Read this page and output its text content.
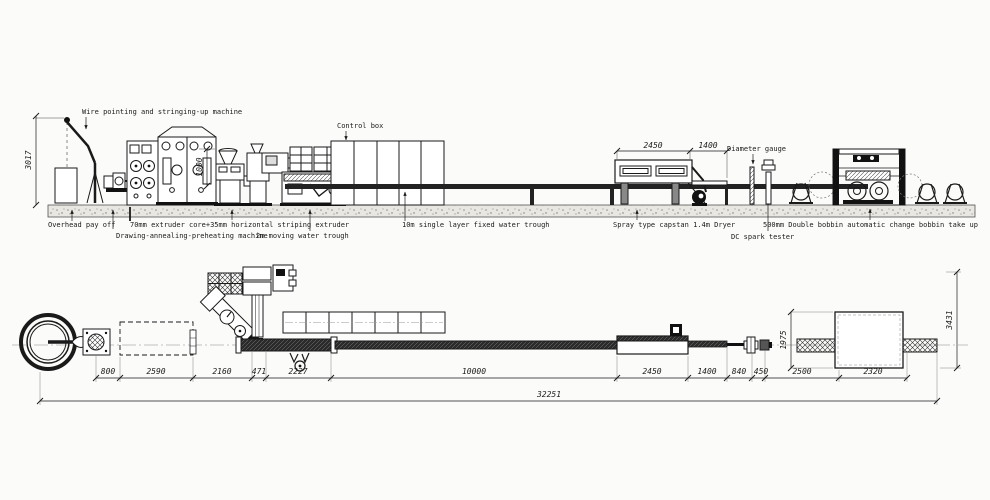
3017	1000
2450	1400
Wire pointing and stringing-up machine
Control box
Diameter gauge
Overhead pay off 70mm extruder core+35mm horizontal striping extruder
Drawing-annealing-preheating machine
2m moving water trough
10m single layer fixed water trough	Spray type capstan 1.4m Dryer
DC spark tester
500mm Double bobbin automatic change bobbin take up
800	2590	2160	471	2227	10000	2450	1400 840 450	2500	2320
32251
1975
3431
